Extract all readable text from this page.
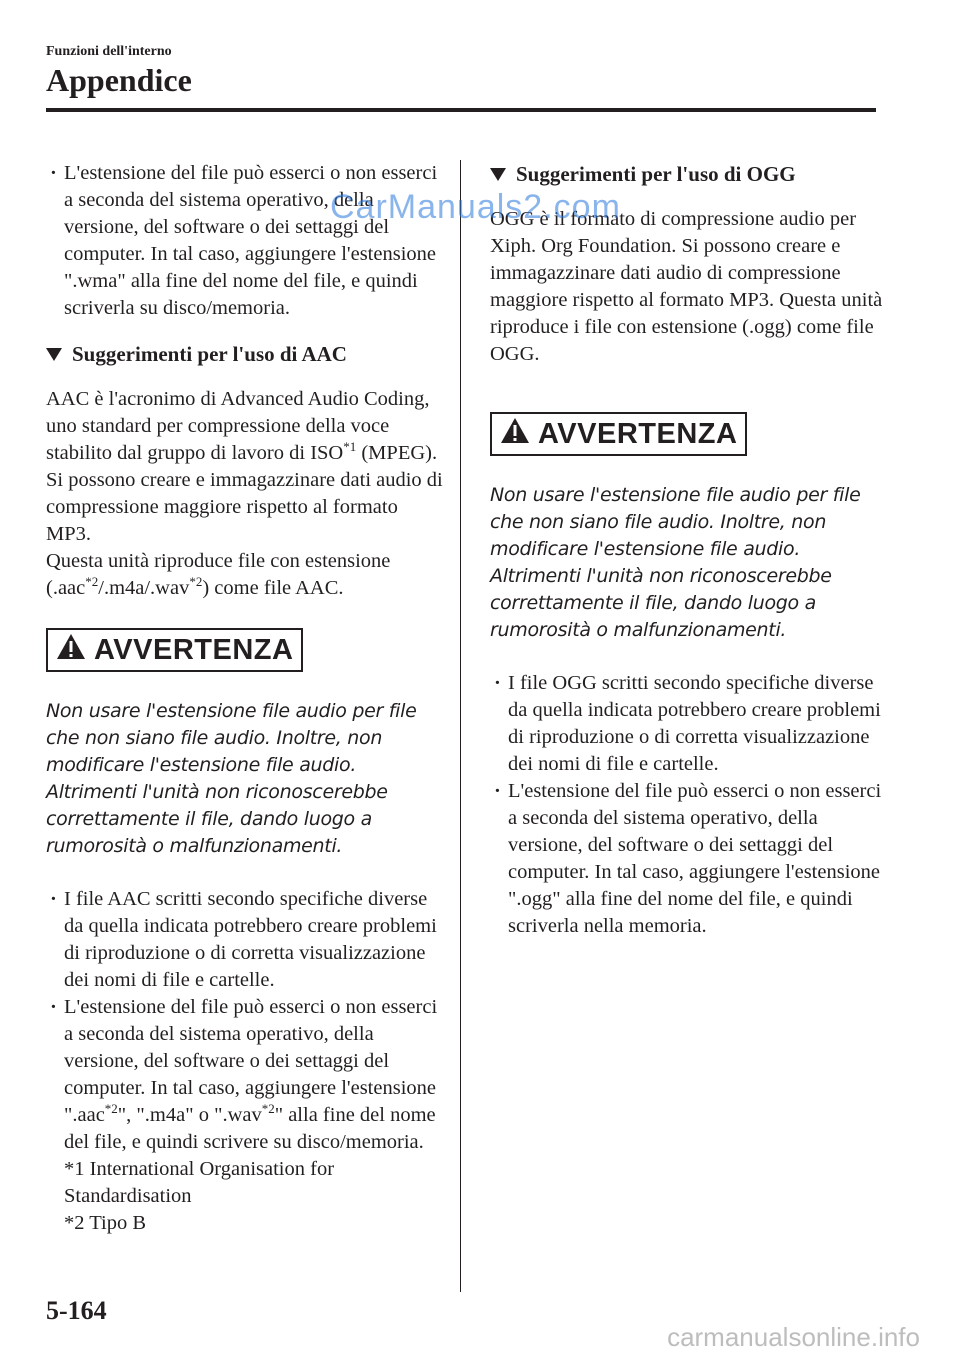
Funzioni dell'interno
Appendice

· L'estensione del file può esserci o non esserci a seconda del sistema operativo, della versione, del software o dei settaggi del computer. In tal caso, aggiungere l'estensione ".wma" alla fine del nome del file, e quindi scriverla su disco/memoria.

Suggerimenti per l'uso di AAC

AAC è l'acronimo di Advanced Audio Coding, uno standard per compressione della voce stabilito dal gruppo di lavoro di ISO$^{*1}$ (MPEG). Si possono creare e immagazzinare dati audio di compressione maggiore rispetto al formato MP3.

Questa unità riproduce file con estensione (.aac$^{*2}$/.m4a/.wav$^{*2}$) come file AAC.

AVVERTENZA

Non usare l'estensione file audio per file che non siano file audio. Inoltre, non modificare l'estensione file audio. Altrimenti l'unità non riconoscerebbe correttamente il file, dando luogo a rumorosità o malfunzionamenti.

· I file AAC scritti secondo specifiche diverse da quella indicata potrebbero creare problemi di riproduzione o di corretta visualizzazione dei nomi di file e cartelle.

· L'estensione del file può esserci o non esserci a seconda del sistema operativo, della versione, del software o dei settaggi del computer. In tal caso, aggiungere l'estensione ".aac$^{*2}$", ".m4a" o ".wav$^{*2}$" alla fine del nome del file, e quindi scrivere su disco/memoria.

*1 International Organisation for Standardisation

*2 Tipo B

Suggerimenti per l'uso di OGG

OGG è il formato di compressione audio per Xiph. Org Foundation. Si possono creare e immagazzinare dati audio di compressione maggiore rispetto al formato MP3. Questa unità riproduce i file con estensione (.ogg) come file OGG.

AVVERTENZA

Non usare l'estensione file audio per file che non siano file audio. Inoltre, non modificare l'estensione file audio. Altrimenti l'unità non riconoscerebbe correttamente il file, dando luogo a rumorosità o malfunzionamenti.

· I file OGG scritti secondo specifiche diverse da quella indicata potrebbero creare problemi di riproduzione o di corretta visualizzazione dei nomi di file e cartelle.

· L'estensione del file può esserci o non esserci a seconda del sistema operativo, della versione, del software o dei settaggi del computer. In tal caso, aggiungere l'estensione ".ogg" alla fine del nome del file, e quindi scriverla nella memoria.

5-164
CarManuals2.com
carmanualsonline.info
